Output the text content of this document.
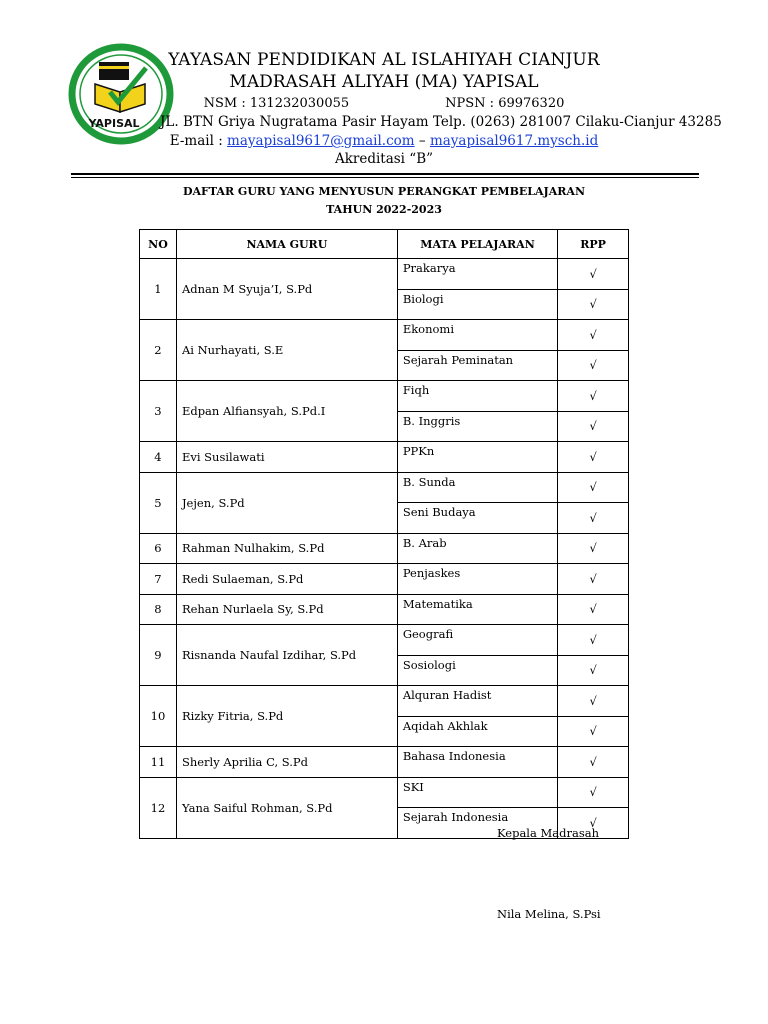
YAPISAL
YAYASAN PENDIDIKAN AL ISLAHIYAH CIANJUR
MADRASAH ALIYAH (MA) YAPISAL
NSM : 131232030055	NPSN : 69976320
JL. BTN Griya Nugratama Pasir Hayam Telp. (0263) 281007 Cilaku-Cianjur 43285
E-mail : mayapisal9617@gmail.com – mayapisal9617.mysch.id
Akreditasi “B”
DAFTAR GURU YANG MENYUSUN PERANGKAT PEMBELAJARAN
TAHUN 2022-2023
NO	NAMA GURU	MATA PELAJARAN	RPP
1	Adnan M Syuja’I, S.Pd	Prakarya	√
		Biologi	√
2	Ai Nurhayati, S.E	Ekonomi	√
		Sejarah Peminatan	√
3	Edpan Alfiansyah, S.Pd.I	Fiqh	√
		B. Inggris	√
4	Evi Susilawati	PPKn	√
5	Jejen, S.Pd	B. Sunda	√
		Seni Budaya	√
6	Rahman Nulhakim, S.Pd	B. Arab	√
7	Redi Sulaeman, S.Pd	Penjaskes	√
8	Rehan Nurlaela Sy, S.Pd	Matematika	√
9	Risnanda Naufal Izdihar, S.Pd	Geografi	√
		Sosiologi	√
10	Rizky Fitria, S.Pd	Alquran Hadist	√
		Aqidah Akhlak	√
11	Sherly Aprilia C, S.Pd	Bahasa Indonesia	√
12	Yana Saiful Rohman, S.Pd	SKI	√
		Sejarah Indonesia	√
Kepala Madrasah
Nila Melina, S.Psi
